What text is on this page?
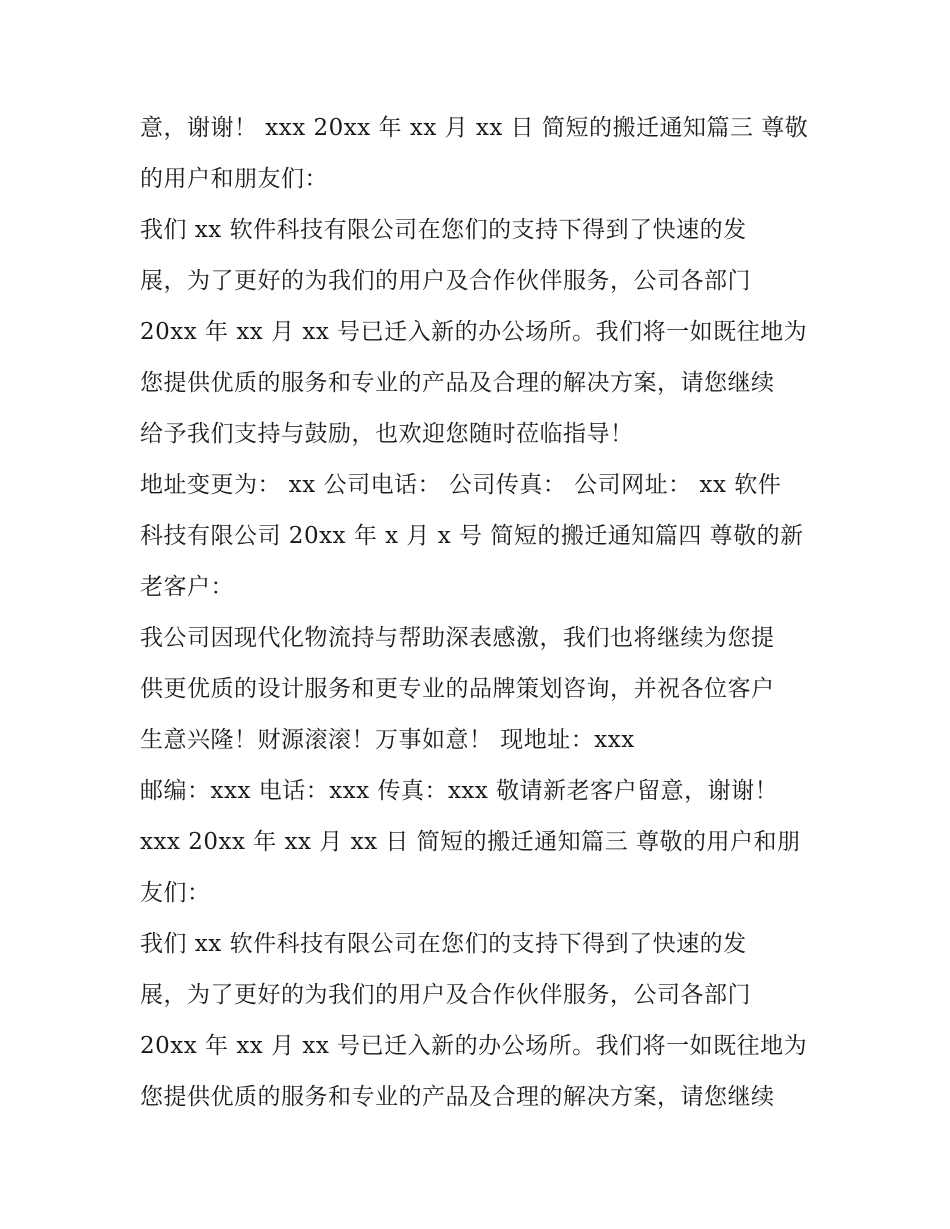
意，谢谢！ xxx 20xx 年 xx 月 xx 日 简短的搬迁通知篇三 尊敬
的用户和朋友们：
我们 xx 软件科技有限公司在您们的支持下得到了快速的发
展，为了更好的为我们的用户及合作伙伴服务，公司各部门
20xx 年 xx 月 xx 号已迁入新的办公场所。我们将一如既往地为
您提供优质的服务和专业的产品及合理的解决方案，请您继续
给予我们支持与鼓励，也欢迎您随时莅临指导！
地址变更为： xx 公司电话： 公司传真： 公司网址： xx 软件
科技有限公司 20xx 年 x 月 x 号 简短的搬迁通知篇四 尊敬的新
老客户：
我公司因现代化物流持与帮助深表感激，我们也将继续为您提
供更优质的设计服务和更专业的品牌策划咨询，并祝各位客户
生意兴隆！财源滚滚！万事如意！ 现地址：xxx
邮编：xxx 电话：xxx 传真：xxx 敬请新老客户留意，谢谢！
xxx 20xx 年 xx 月 xx 日 简短的搬迁通知篇三 尊敬的用户和朋
友们：
我们 xx 软件科技有限公司在您们的支持下得到了快速的发
展，为了更好的为我们的用户及合作伙伴服务，公司各部门
20xx 年 xx 月 xx 号已迁入新的办公场所。我们将一如既往地为
您提供优质的服务和专业的产品及合理的解决方案，请您继续
